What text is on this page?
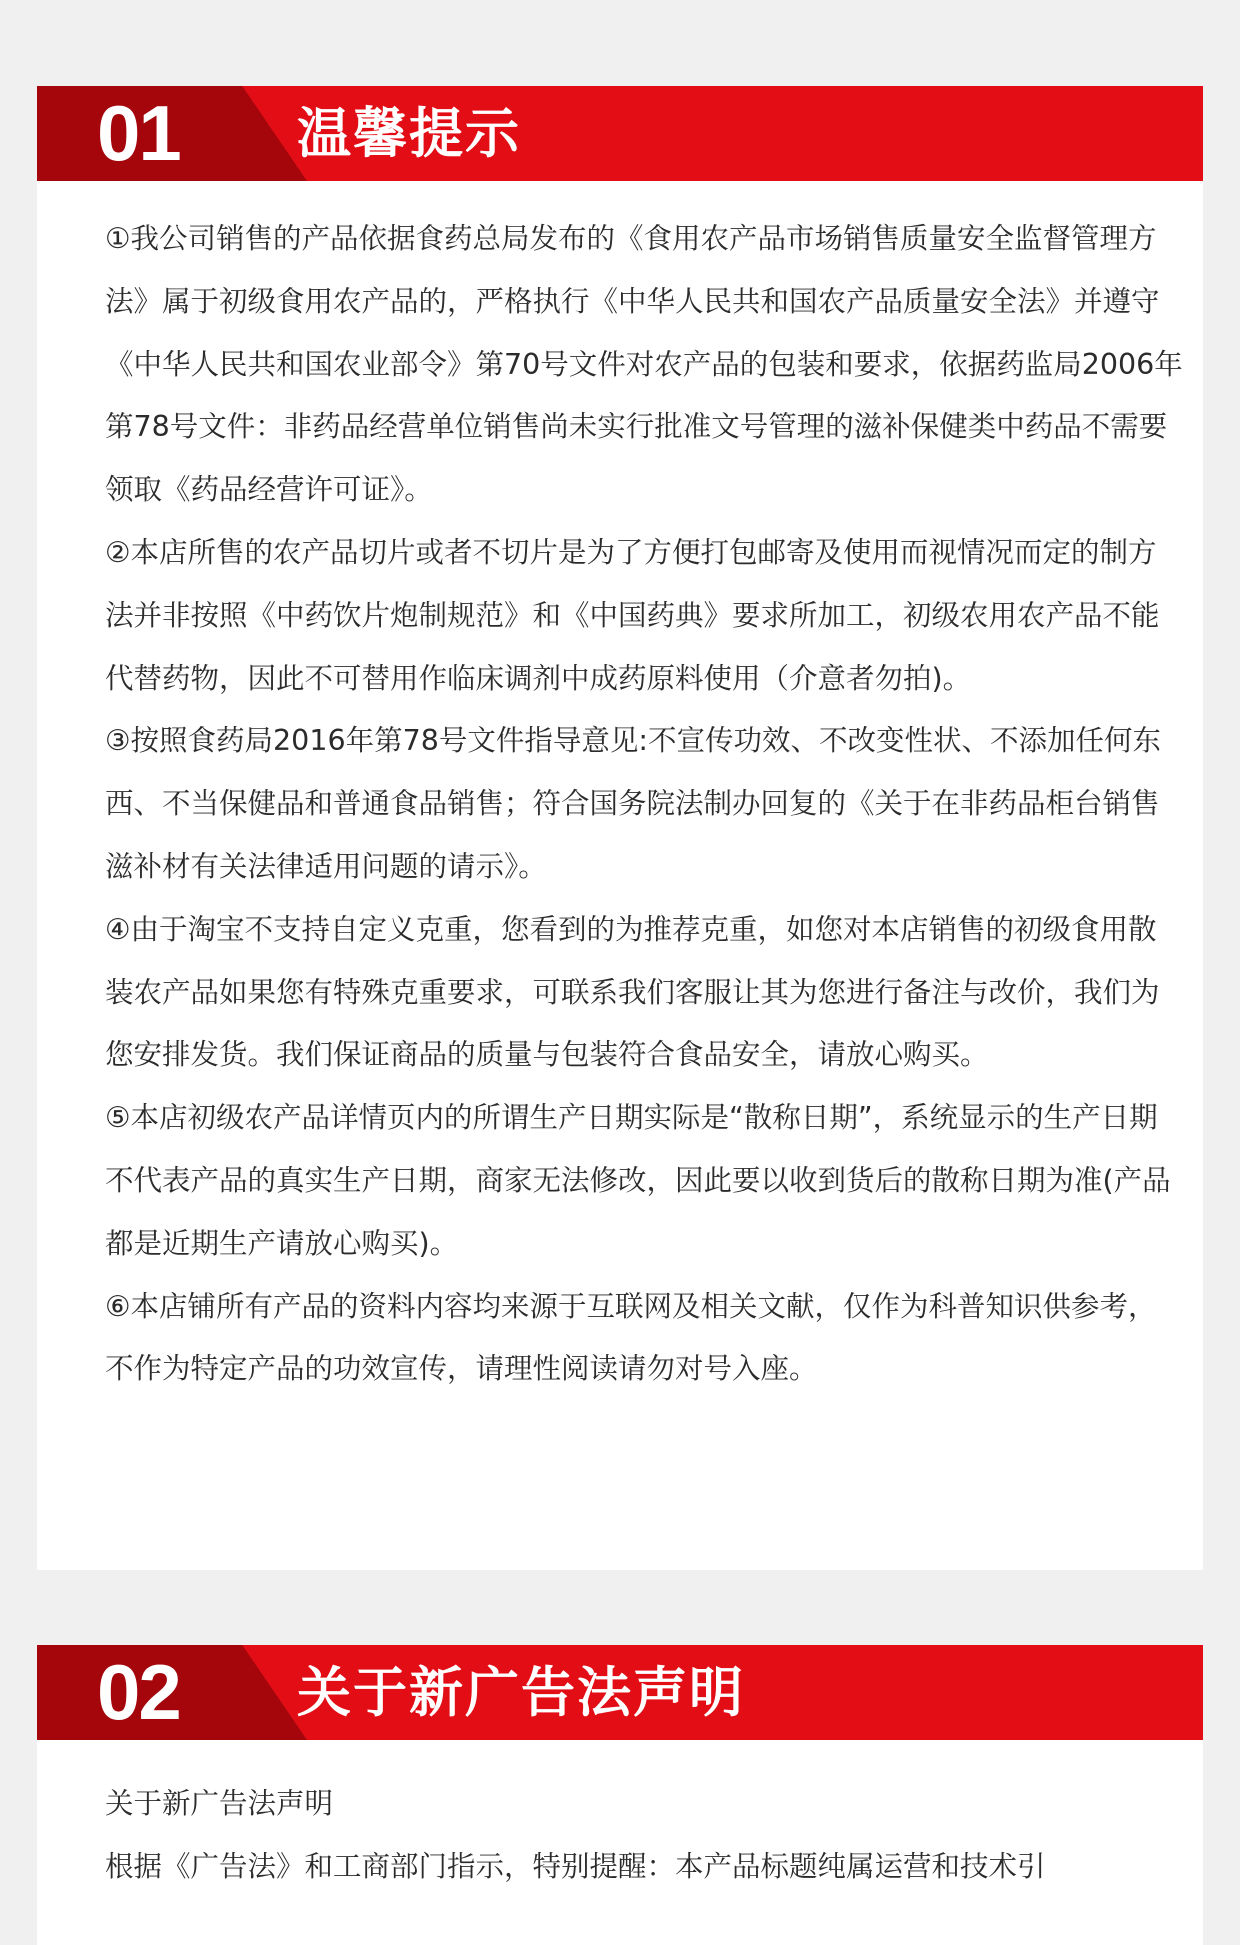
01 温馨提示

①我公司销售的产品依据食药总局发布的《食用农产品市场销售质量安全监督管理方法》属于初级食用农产品的，严格执行《中华人民共和国农产品质量安全法》并遵守《中华人民共和国农业部令》第70号文件对农产品的包装和要求，依据药监局2006年第78号文件：非药品经营单位销售尚未实行批准文号管理的滋补保健类中药品不需要领取《药品经营许可证》。

②本店所售的农产品切片或者不切片是为了方便打包邮寄及使用而视情况而定的制方法并非按照《中药饮片炮制规范》和《中国药典》要求所加工，初级农用农产品不能代替药物，因此不可替用作临床调剂中成药原料使用（介意者勿拍)。

③按照食药局2016年第78号文件指导意见:不宣传功效、不改变性状、不添加任何东西、不当保健品和普通食品销售；符合国务院法制办回复的《关于在非药品柜台销售滋补材有关法律适用问题的请示》。

④由于淘宝不支持自定义克重，您看到的为推荐克重，如您对本店销售的初级食用散装农产品如果您有特殊克重要求，可联系我们客服让其为您进行备注与改价，我们为您安排发货。我们保证商品的质量与包装符合食品安全，请放心购买。

⑤本店初级农产品详情页内的所谓生产日期实际是“散称日期”，系统显示的生产日期不代表产品的真实生产日期，商家无法修改，因此要以收到货后的散称日期为准(产品都是近期生产请放心购买)。

⑥本店铺所有产品的资料内容均来源于互联网及相关文献，仅作为科普知识供参考，不作为特定产品的功效宣传，请理性阅读请勿对号入座。

02 关于新广告法声明

关于新广告法声明

根据《广告法》和工商部门指示，特别提醒：本产品标题纯属运营和技术引
